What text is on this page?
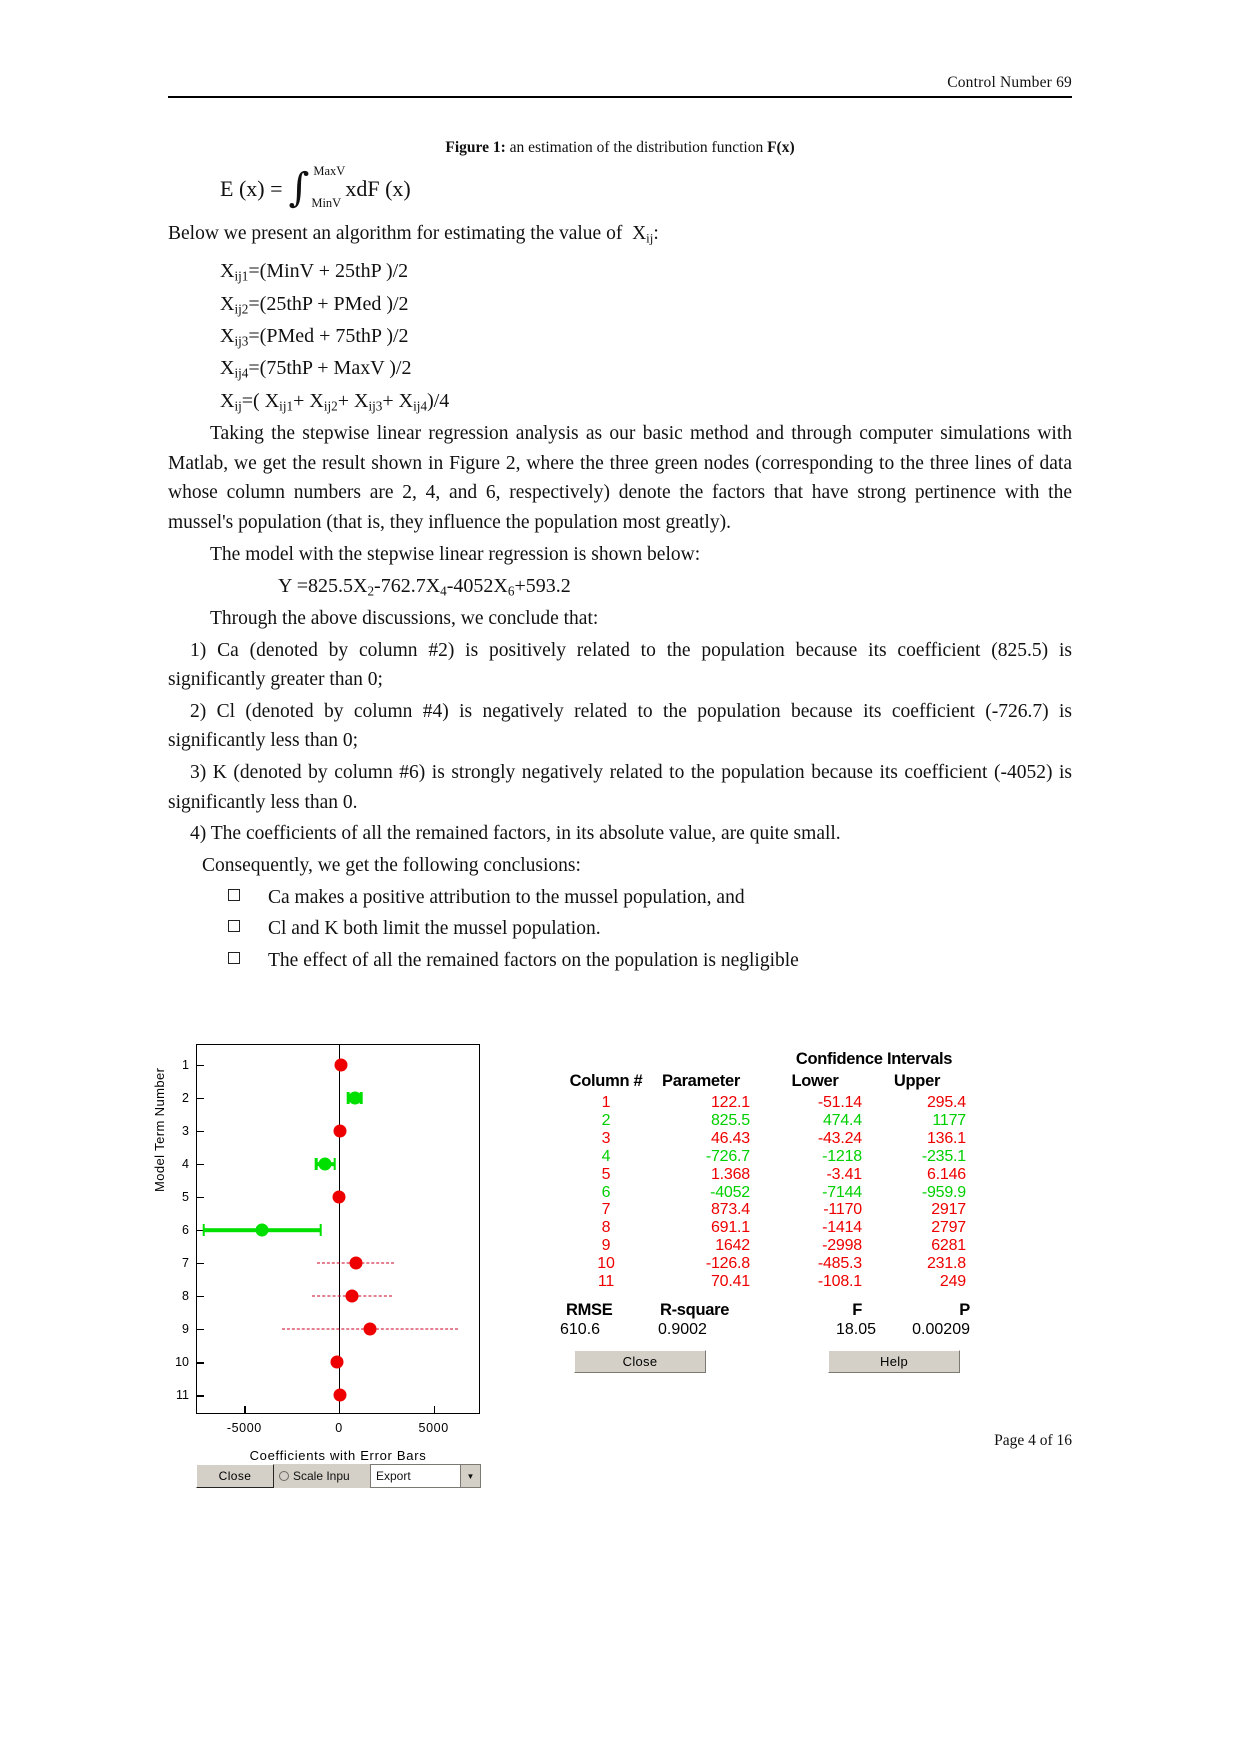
Control Number 69
Figure 1: an estimation of the distribution function F(x)
E (x) = ∫ MaxV
MinV
xdF (x)
Below we present an algorithm for estimating the value of $X_{ij}$:
$X_{ij1}=(MinV + 25thP$ )/2
$X_{ij2}=(25thP$ + PMed )/2
$X_{ij3}=(PMed + 75thP$ )/2
$X_{ij4}=(75thP$ + MaxV )/2
$X_{ij}=$( $X_{ij1}+ X_{ij2}+ X_{ij3}+ X_{ij4})/4$
Taking the stepwise linear regression analysis as our basic method and through computer simulations with Matlab, we get the result shown in Figure 2, where the three green nodes (corresponding to the three lines of data whose column numbers are 2, 4, and 6, respectively) denote the factors that have strong pertinence with the mussel's population (that is, they influence the population most greatly).
The model with the stepwise linear regression is shown below:
$Y =825.5X_2-762.7X_4-4052X_6+593.2$
Through the above discussions, we conclude that:
1) Ca (denoted by column #2) is positively related to the population because its coefficient (825.5) is significantly greater than 0;
2) Cl (denoted by column #4) is negatively related to the population because its coefficient (-726.7) is significantly less than 0;
3) K (denoted by column #6) is strongly negatively related to the population because its coefficient (-4052) is significantly less than 0.
4) The coefficients of all the remained factors, in its absolute value, are quite small.
Consequently, we get the following conclusions:
Ca makes a positive attribution to the mussel population, and
Cl and K both limit the mussel population.
The effect of all the remained factors on the population is negligible
Model Term Number
1
2
3
4
5
6
7
8
9
10
11
-5000	0	5000
Coefficients with Error Bars
Close	Scale Inpu	Export	▼
Confidence Intervals
Column #	Parameter	Lower	Upper
1	122.1	-51.14	295.4
2	825.5	474.4	1177
3	46.43	-43.24	136.1
4	-726.7	-1218	-235.1
5	1.368	-3.41	6.146
6	-4052	-7144	-959.9
7	873.4	-1170	2917
8	691.1	-1414	2797
9	1642	-2998	6281
10	-126.8	-485.3	231.8
11	70.41	-108.1	249
RMSE	R-square	F	P
610.6	0.9002	18.05	0.00209
Close	Help
Page 4 of 16
